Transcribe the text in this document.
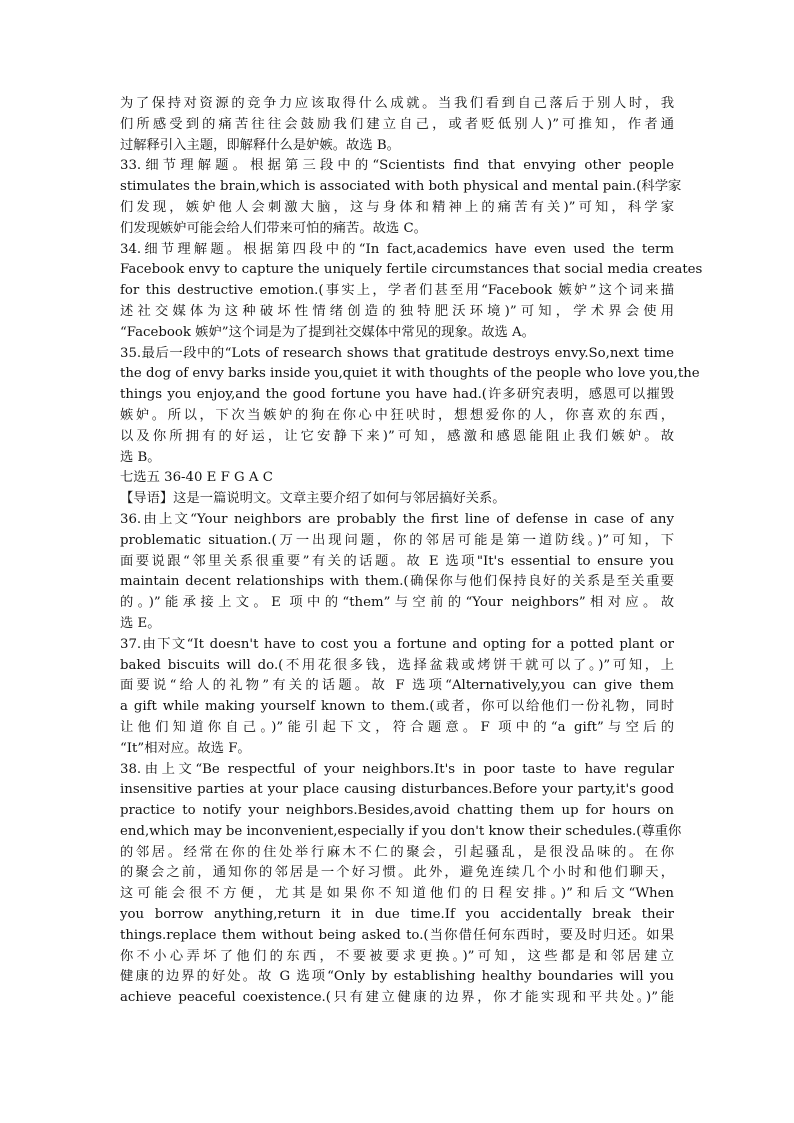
为了保持对资源的竞争力应该取得什么成就。当我们看到自己落后于别人时，我
们所感受到的痛苦往往会鼓励我们建立自己，或者贬低别人)”可推知，作者通
过解释引入主题，即解释什么是妒嫉。故选 B。
33.细节理解题。根据第三段中的“Scientists find that envying other people
stimulates the brain,which is associated with both physical and mental pain.(科学家
们发现，嫉妒他人会刺激大脑，这与身体和精神上的痛苦有关)”可知，科学家
们发现嫉妒可能会给人们带来可怕的痛苦。故选 C。
34.细节理解题。根据第四段中的“In fact,academics have even used the term
Facebook envy to capture the uniquely fertile circumstances that social media creates
for this destructive emotion.(事实上，学者们甚至用“Facebook 嫉妒”这个词来描
述社交媒体为这种破坏性情绪创造的独特肥沃环境)”可知，学术界会使用
“Facebook 嫉妒”这个词是为了提到社交媒体中常见的现象。故选 A。
35.最后一段中的“Lots of research shows that gratitude destroys envy.So,next time
the dog of envy barks inside you,quiet it with thoughts of the people who love you,the
things you enjoy,and the good fortune you have had.(许多研究表明，感恩可以摧毁
嫉妒。所以，下次当嫉妒的狗在你心中狂吠时，想想爱你的人，你喜欢的东西，
以及你所拥有的好运，让它安静下来)”可知，感激和感恩能阻止我们嫉妒。故
选 B。
七选五 36-40 E F G A C
【导语】这是一篇说明文。文章主要介绍了如何与邻居搞好关系。
36.由上文“Your neighbors are probably the first line of defense in case of any
problematic situation.(万一出现问题，你的邻居可能是第一道防线。)”可知，下
面要说跟“邻里关系很重要”有关的话题。故 E 选项"It's essential to ensure you
maintain decent relationships with them.(确保你与他们保持良好的关系是至关重要
的。)”能承接上文。E 项中的“them”与空前的“Your neighbors”相对应。故
选 E。
37.由下文“It doesn't have to cost you a fortune and opting for a potted plant or
baked biscuits will do.(不用花很多钱，选择盆栽或烤饼干就可以了。)”可知，上
面要说“给人的礼物”有关的话题。故 F 选项“Alternatively,you can give them
a gift while making yourself known to them.(或者，你可以给他们一份礼物，同时
让他们知道你自己。)”能引起下文，符合题意。F 项中的“a gift”与空后的
“It”相对应。故选 F。
38.由上文“Be respectful of your neighbors.It's in poor taste to have regular
insensitive parties at your place causing disturbances.Before your party,it's good
practice to notify your neighbors.Besides,avoid chatting them up for hours on
end,which may be inconvenient,especially if you don't know their schedules.(尊重你
的邻居。经常在你的住处举行麻木不仁的聚会，引起骚乱，是很没品味的。在你
的聚会之前，通知你的邻居是一个好习惯。此外，避免连续几个小时和他们聊天，
这可能会很不方便，尤其是如果你不知道他们的日程安排。)”和后文“When
you borrow anything,return it in due time.If you accidentally break their
things.replace them without being asked to.(当你借任何东西时，要及时归还。如果
你不小心弄坏了他们的东西，不要被要求更换。)”可知，这些都是和邻居建立
健康的边界的好处。故 G 选项“Only by establishing healthy boundaries will you
achieve peaceful coexistence.(只有建立健康的边界，你才能实现和平共处。)”能
